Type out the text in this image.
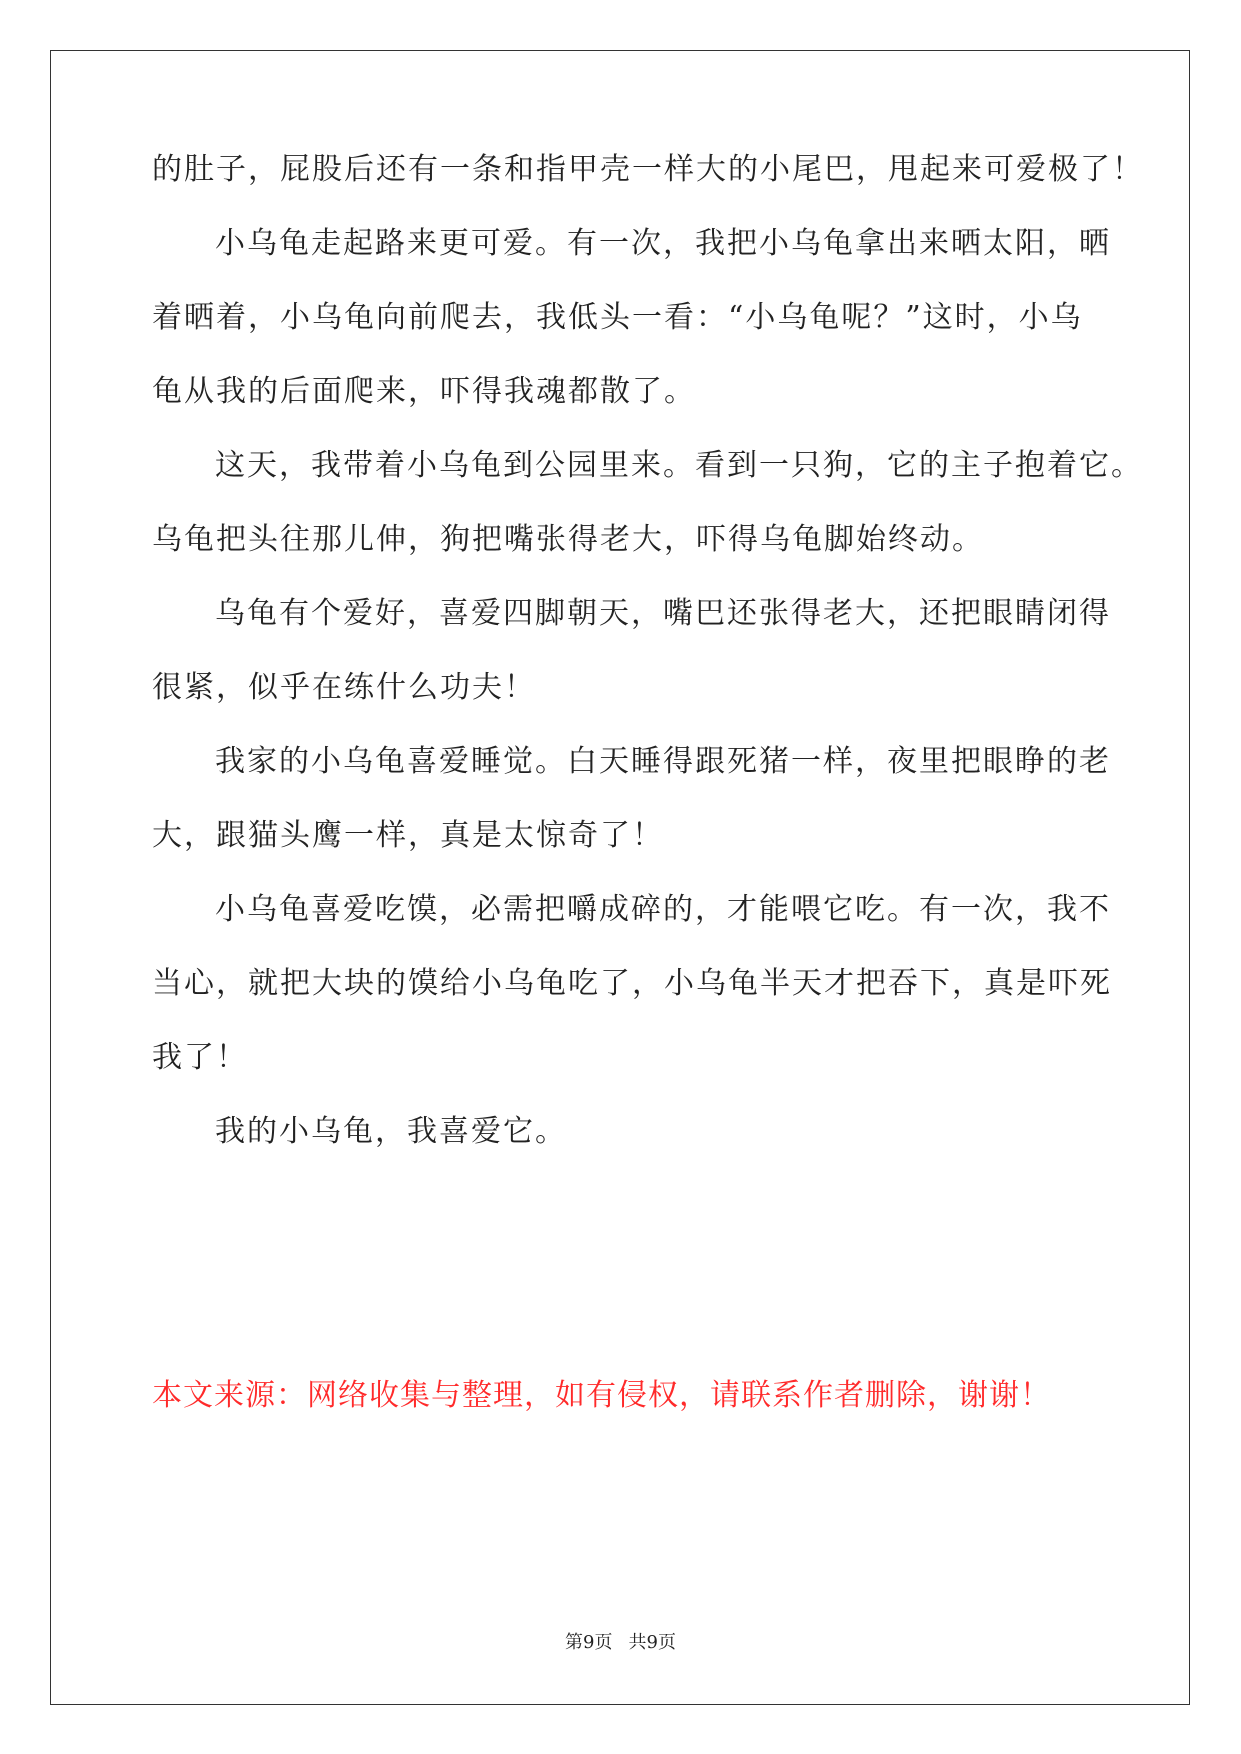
的肚子，屁股后还有一条和指甲壳一样大的小尾巴，甩起来可爱极了！
小乌龟走起路来更可爱。有一次，我把小乌龟拿出来晒太阳，晒
着晒着，小乌龟向前爬去，我低头一看：“小乌龟呢？”这时，小乌
龟从我的后面爬来，吓得我魂都散了。
这天，我带着小乌龟到公园里来。看到一只狗，它的主子抱着它。
乌龟把头往那儿伸，狗把嘴张得老大，吓得乌龟脚始终动。
乌龟有个爱好，喜爱四脚朝天，嘴巴还张得老大，还把眼睛闭得
很紧，似乎在练什么功夫！
我家的小乌龟喜爱睡觉。白天睡得跟死猪一样，夜里把眼睁的老
大，跟猫头鹰一样，真是太惊奇了！
小乌龟喜爱吃馍，必需把嚼成碎的，才能喂它吃。有一次，我不
当心，就把大块的馍给小乌龟吃了，小乌龟半天才把吞下，真是吓死
我了！
我的小乌龟，我喜爱它。
本文来源：网络收集与整理，如有侵权，请联系作者删除，谢谢！
第9页 共9页
